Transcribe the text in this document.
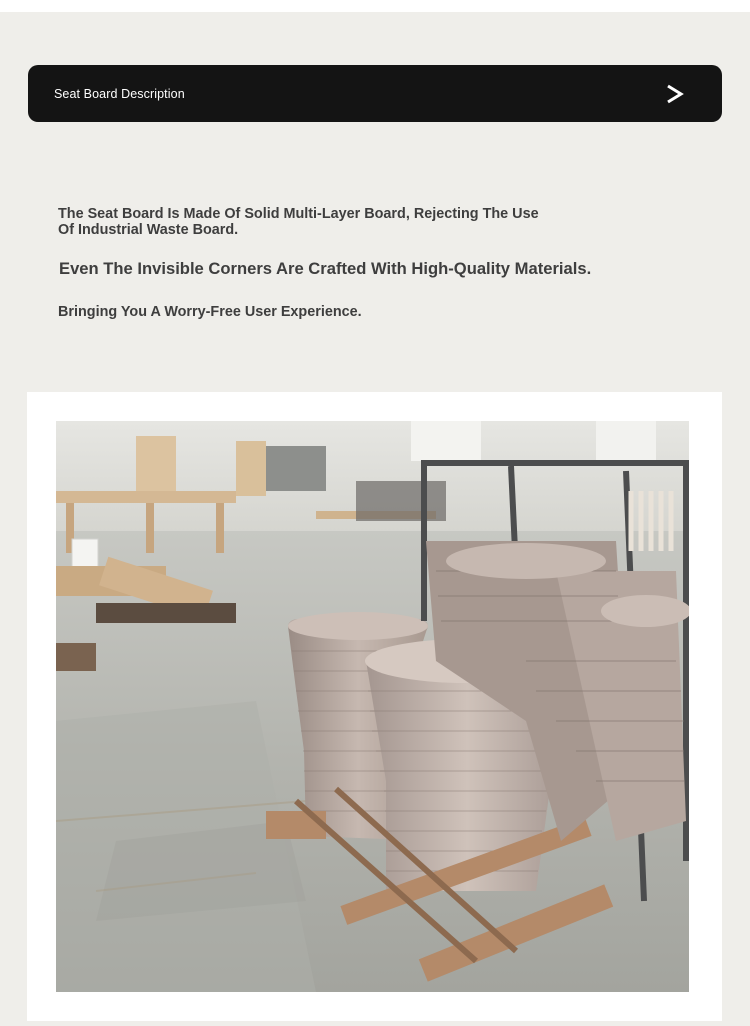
Seat Board Description

The Seat Board Is Made Of Solid Multi-Layer Board, Rejecting The Use Of Industrial Waste Board.

Even The Invisible Corners Are Crafted With High-Quality Materials.

Bringing You A Worry-Free User Experience.
